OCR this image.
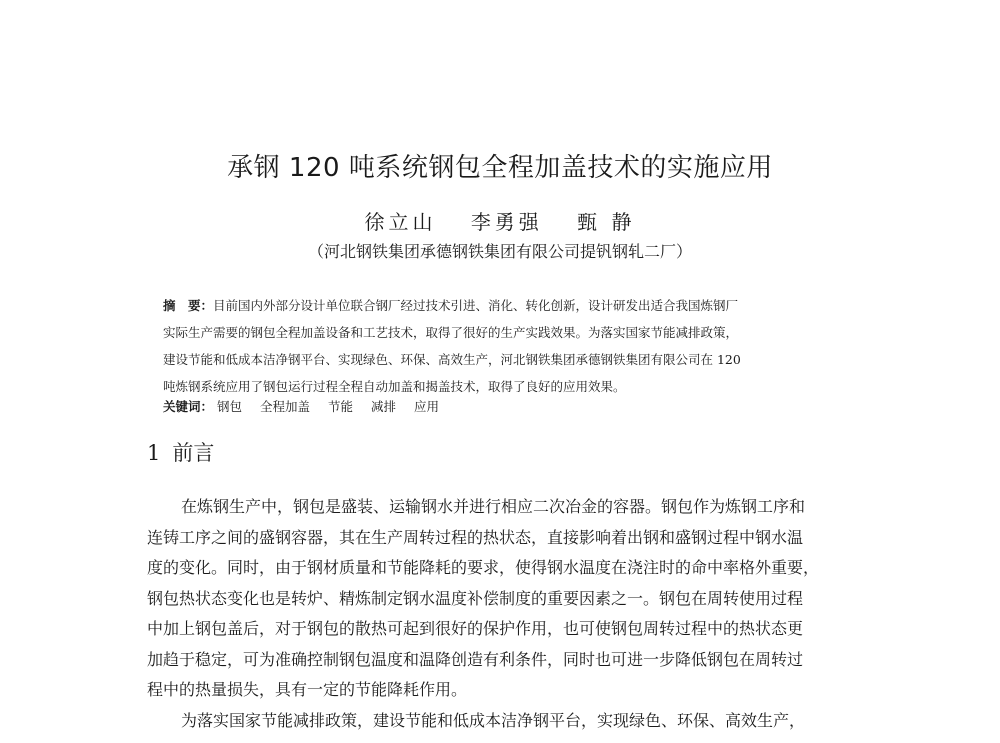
承钢 120 吨系统钢包全程加盖技术的实施应用
徐立山 李勇强 甄 静
（河北钢铁集团承德钢铁集团有限公司提钒钢轧二厂）
摘　要：目前国内外部分设计单位联合钢厂经过技术引进、消化、转化创新，设计研发出适合我国炼钢厂
实际生产需要的钢包全程加盖设备和工艺技术，取得了很好的生产实践效果。为落实国家节能减排政策，
建设节能和低成本洁净钢平台、实现绿色、环保、高效生产，河北钢铁集团承德钢铁集团有限公司在 120
吨炼钢系统应用了钢包运行过程全程自动加盖和揭盖技术，取得了良好的应用效果。
关键词： 钢包 全程加盖 节能 减排 应用
1 前言
在炼钢生产中，钢包是盛装、运输钢水并进行相应二次冶金的容器。钢包作为炼钢工序和
连铸工序之间的盛钢容器，其在生产周转过程的热状态，直接影响着出钢和盛钢过程中钢水温
度的变化。同时，由于钢材质量和节能降耗的要求，使得钢水温度在浇注时的命中率格外重要，
钢包热状态变化也是转炉、精炼制定钢水温度补偿制度的重要因素之一。钢包在周转使用过程
中加上钢包盖后，对于钢包的散热可起到很好的保护作用，也可使钢包周转过程中的热状态更
加趋于稳定，可为准确控制钢包温度和温降创造有利条件，同时也可进一步降低钢包在周转过
程中的热量损失，具有一定的节能降耗作用。
为落实国家节能减排政策，建设节能和低成本洁净钢平台，实现绿色、环保、高效生产，
